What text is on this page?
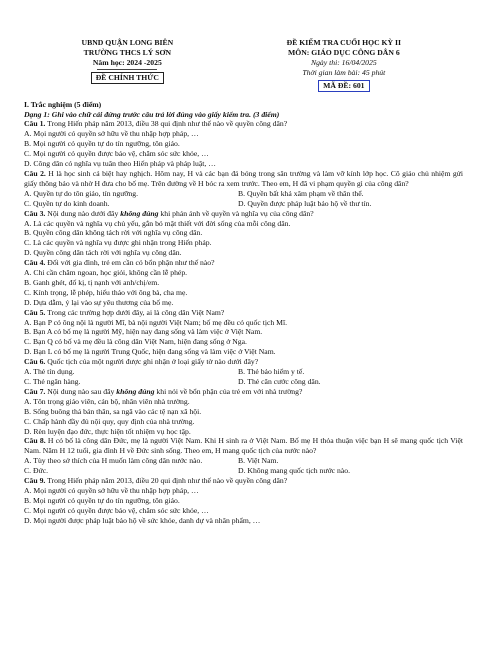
UBND QUẬN LONG BIÊN
TRƯỜNG THCS LÝ SƠN
Năm học: 2024 -2025
ĐỀ CHÍNH THỨC
ĐỀ KIỂM TRA CUỐI HỌC KỲ II
MÔN: GIÁO DỤC CÔNG DÂN 6
Ngày thi: 16/04/2025
Thời gian làm bài: 45 phút
MÃ ĐỀ: 601

I. Trắc nghiệm (5 điểm)

Dạng 1: Ghi vào chữ cái đứng trước câu trả lời đúng vào giấy kiểm tra. (3 điểm)

Câu 1. Trong Hiến pháp năm 2013, điều 38 qui định như thế nào về quyền công dân?

A. Mọi người có quyền sở hữu về thu nhập hợp pháp, …

B. Mọi người có quyền tự do tín ngưỡng, tôn giáo.

C. Mọi người có quyền được bảo vệ, chăm sóc sức khỏe, …

D. Công dân có nghĩa vụ tuân theo Hiến pháp và pháp luật, …

Câu 2. H là học sinh cá biệt hay nghịch. Hôm nay, H và các bạn đá bóng trong sân trường và làm vỡ kính lớp học. Cô giáo chủ nhiệm gửi giấy thông báo và nhờ H đưa cho bố mẹ. Trên đường về H bóc ra xem trước. Theo em, H đã vi phạm quyền gì của công dân?

A. Quyền tự do tôn giáo, tín ngưỡng.	B. Quyền bất khả xâm phạm về thân thể.
C. Quyền tự do kinh doanh.	D. Quyền được pháp luật bảo hộ về thư tín.

Câu 3. Nội dung nào dưới đây không đúng khi phản ánh về quyền và nghĩa vụ của công dân?

A. Là các quyền và nghĩa vụ chủ yếu, gắn bó mật thiết với đời sống của mỗi công dân.

B. Quyền công dân không tách rời với nghĩa vụ công dân.

C. Là các quyền và nghĩa vụ được ghi nhận trong Hiến pháp.

D. Quyền công dân tách rời với nghĩa vụ công dân.

Câu 4. Đối với gia đình, trẻ em cần có bổn phận như thế nào?

A. Chi cần chăm ngoan, học giỏi, không cần lễ phép.

B. Ganh ghét, đố kị, tị nạnh với anh/chị/em.

C. Kính trọng, lễ phép, hiếu thảo với ông bà, cha mẹ.

D. Dựa dẫm, ỷ lại vào sự yêu thương của bố mẹ.

Câu 5. Trong các trường hợp dưới đây, ai là công dân Việt Nam?

A. Bạn P có ông nội là người Mĩ, bà nội người Việt Nam; bố mẹ đều có quốc tịch Mĩ.

B. Bạn A có bố mẹ là người Mỹ, hiện nay đang sống và làm việc ở Việt Nam.

C. Bạn Q có bố và mẹ đều là công dân Việt Nam, hiện đang sống ở Nga.

D. Bạn L có bố mẹ là người Trung Quốc, hiện đang sống và làm việc ở Việt Nam.

Câu 6. Quốc tịch của một người được ghi nhận ở loại giấy tờ nào dưới đây?

A. Thẻ tín dụng.	B. Thẻ bảo hiểm y tế.
C. Thẻ ngân hàng.	D. Thẻ căn cước công dân.

Câu 7. Nội dung nào sau đây không đúng khi nói về bổn phận của trẻ em với nhà trường?

A. Tôn trọng giáo viên, cán bộ, nhân viên nhà trường.

B. Sống buông thả bản thân, sa ngã vào các tệ nạn xã hội.

C. Chấp hành đầy đủ nội quy, quy định của nhà trường.

D. Rèn luyện đạo đức, thực hiện tốt nhiệm vụ học tập.

Câu 8. H có bố là công dân Đức, mẹ là người Việt Nam. Khi H sinh ra ở Việt Nam. Bố mẹ H thỏa thuận việc bạn H sẽ mang quốc tịch Việt Nam. Năm H 12 tuổi, gia đình H về Đức sinh sống. Theo em, H mang quốc tịch của nước nào?

A. Tùy theo sở thích của H muốn làm công dân nước nào.	B. Việt Nam.
C. Đức.	D. Không mang quốc tịch nước nào.

Câu 9. Trong Hiến pháp năm 2013, điều 20 qui định như thế nào về quyền công dân?

A. Mọi người có quyền sở hữu về thu nhập hợp pháp, …

B. Mọi người có quyền tự do tín ngưỡng, tôn giáo.

C. Mọi người có quyền được bảo vệ, chăm sóc sức khỏe, …

D. Mọi người được pháp luật bảo hộ về sức khỏe, danh dự và nhân phẩm, …
